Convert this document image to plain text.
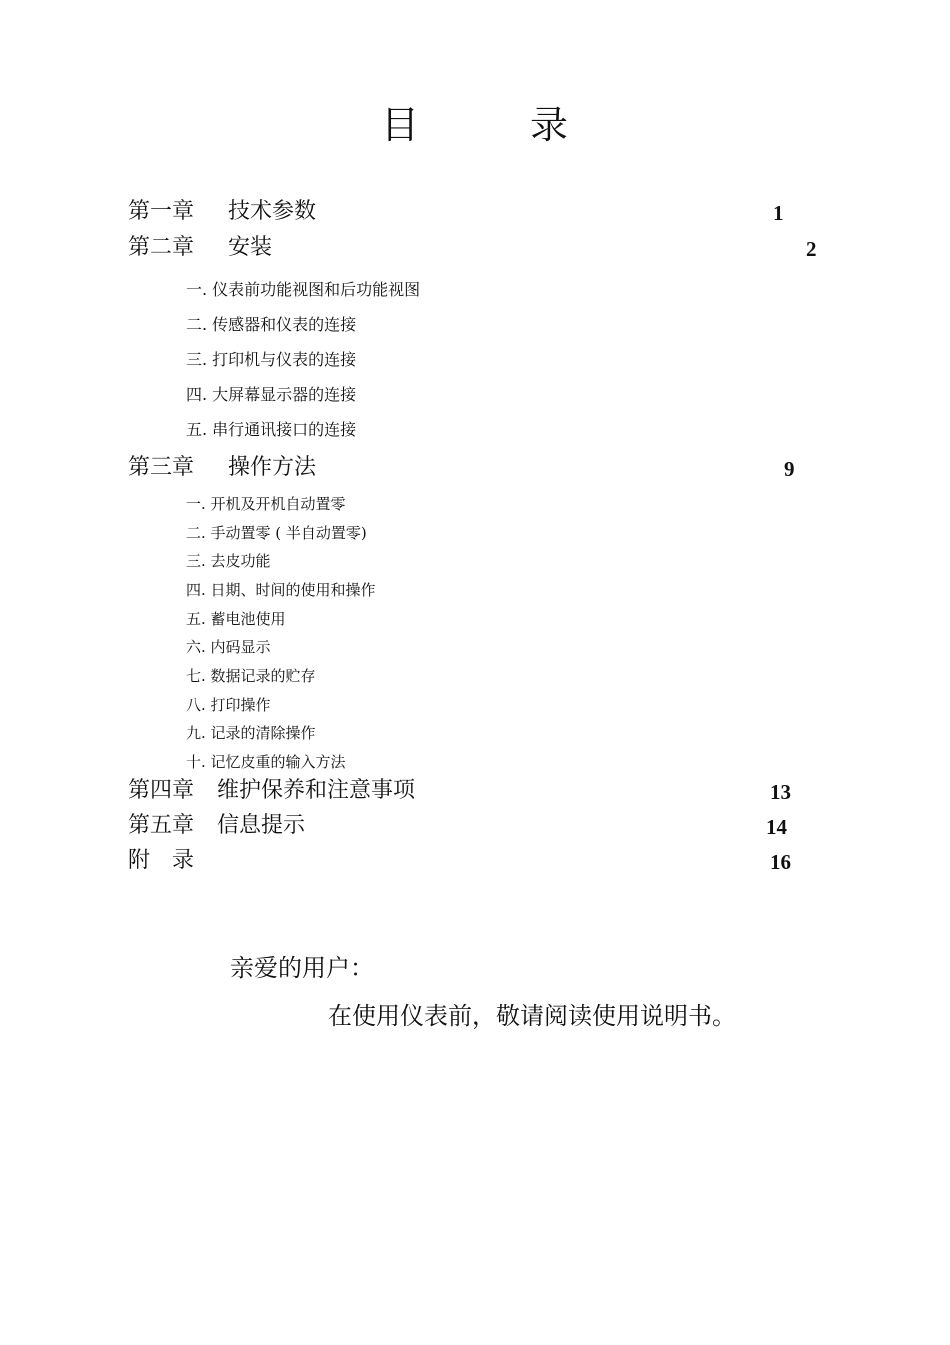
目	录
第一章 技术参数	1
第二章 安装	2
一. 仪表前功能视图和后功能视图
二. 传感器和仪表的连接
三. 打印机与仪表的连接
四. 大屏幕显示器的连接
五. 串行通讯接口的连接
第三章 操作方法	9
一. 开机及开机自动置零
二. 手动置零 ( 半自动置零)
三. 去皮功能
四. 日期、时间的使用和操作
五. 蓄电池使用
六. 内码显示
七. 数据记录的贮存
八. 打印操作
九. 记录的清除操作
十. 记忆皮重的输入方法
第四章 维护保养和注意事项	13
第五章 信息提示	14
附　录	16
亲爱的用户：
在使用仪表前，敬请阅读使用说明书。
